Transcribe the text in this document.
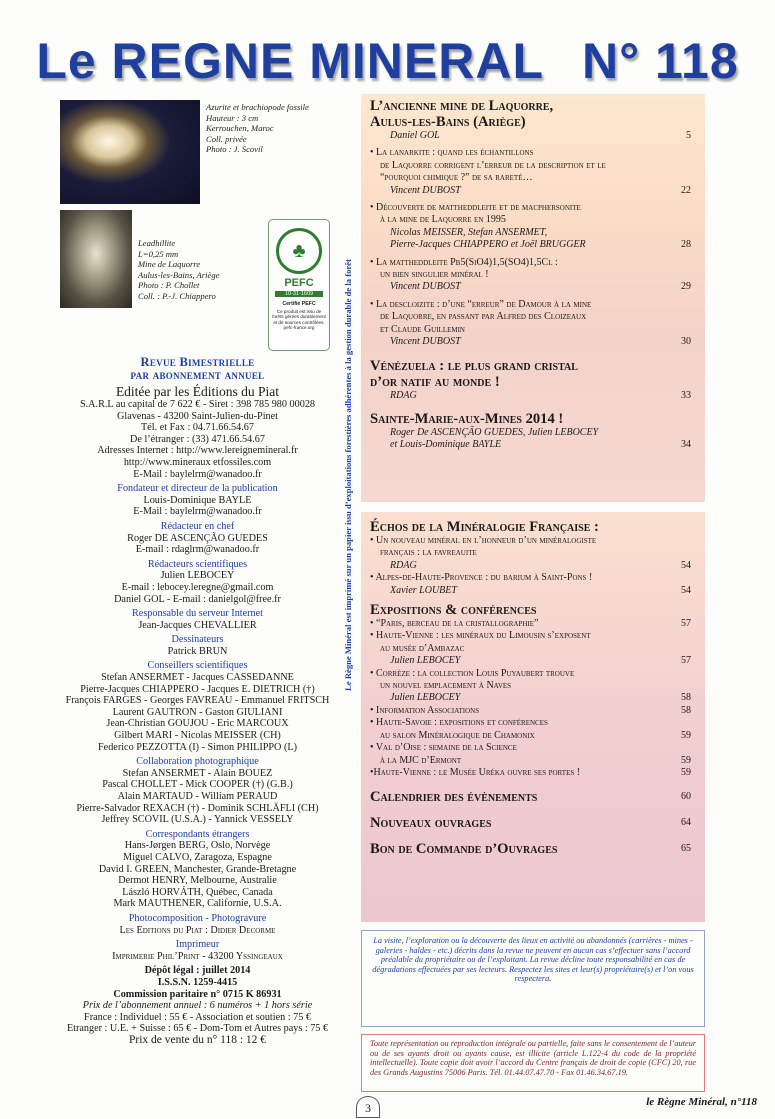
Le REGNE MINERAL N° 118
Azurite et brachiopode fossile
Hauteur : 3 cm
Kerrouchen, Maroc
Coll. privée
Photo : J. Scovil
Leadhillite
L=0,25 mm
Mine de Laquorre
Aulus-les-Bains, Ariège
Photo : P. Chollet
Coll. : P.-J. Chiappero
♣
PEFC
10-31-1609
Certifié PEFC
Ce produit est issu de forêts gérées durablement et de sources contrôlées. pefc-france.org
Revue Bimestrielle
par abonnement annuel
Editée par les Éditions du Piat
S.A.R.L au capital de 7 622 € - Siret : 398 785 980 00028
Glavenas - 43200 Saint-Julien-du-Pinet
Tél. et Fax : 04.71.66.54.67
De l’étranger : (33) 471.66.54.67
Adresses Internet : http://www.lereignemineral.fr
http://www.mineraux etfossiles.com
E-Mail : baylelrm@wanadoo.fr
Fondateur et directeur de la publication
Louis-Dominique BAYLE
E-Mail : baylelrm@wanadoo.fr
Rédacteur en chef
Roger DE ASCENÇÃO GUEDES
E-mail : rdaglrm@wanadoo.fr
Rédacteurs scientifiques
Julien LEBOCEY
E-mail : lebocey.leregne@gmail.com
Daniel GOL - E-mail : danielgol@free.fr
Responsable du serveur Internet
Jean-Jacques CHEVALLIER
Dessinateurs
Patrick BRUN
Conseillers scientifiques
Stefan ANSERMET - Jacques CASSEDANNE
Pierre-Jacques CHIAPPERO - Jacques E. DIETRICH (†)
François FARGES - Georges FAVREAU - Emmanuel FRITSCH
Laurent GAUTRON - Gaston GIULIANI
Jean-Christian GOUJOU - Eric MARCOUX
Gilbert MARI - Nicolas MEISSER (CH)
Federico PEZZOTTA (I) - Simon PHILIPPO (L)
Collaboration photographique
Stefan ANSERMET - Alain BOUEZ
Pascal CHOLLET - Mick COOPER (†) (G.B.)
Alain MARTAUD - William PERAUD
Pierre-Salvador REXACH (†) - Dominik SCHLÄFLI (CH)
Jeffrey SCOVIL (U.S.A.) - Yannick VESSELY
Correspondants étrangers
Hans-Jørgen BERG, Oslo, Norvège
Miguel CALVO, Zaragoza, Espagne
David I. GREEN, Manchester, Grande-Bretagne
Dermot HENRY, Melbourne, Australie
László HORVÁTH, Québec, Canada
Mark MAUTHENER, Californie, U.S.A.
Photocomposition - Photogravure
Les Editions du Piat : Didier Decorme
Imprimeur
Imprimerie Phil’Print - 43200 Yssingeaux
Dépôt légal : juillet 2014
I.S.S.N. 1259-4415
Commission paritaire n° 0715 K 86931
Prix de l’abonnement annuel : 6 numéros + 1 hors série
France : Individuel : 55 € - Association et soutien : 75 €
Etranger : U.E. + Suisse : 65 € - Dom-Tom et Autres pays : 75 €
Prix de vente du n° 118 : 12 €
Le Règne Minéral est imprimé sur un papier issu d’exploitations forestières adhérentes à la gestion durable de la forêt
L’ancienne mine de Laquorre,
Aulus-les-Bains (Ariège)
Daniel GOL	5
• La lanarkite : quand les échantillons
de Laquorre corrigent l’erreur de la description et le
“pourquoi chimique ?” de sa rareté…
Vincent DUBOST	22
• Découverte de mattheddleite et de macphersonite
à la mine de Laquorre en 1995
Nicolas MEISSER, Stefan ANSERMET,
Pierre-Jacques CHIAPPERO et Joël BRUGGER	28
• La mattheddleite Pb5(SiO4)1,5(SO4)1,5Cl :
un bien singulier minéral !
Vincent DUBOST	29
• La descloizite : d’une “erreur” de Damour à la mine
de Laquorre, en passant par Alfred des Cloizeaux
et Claude Guillemin
Vincent DUBOST	30
Vénézuela : le plus grand cristal
d’or natif au monde !
RDAG	33
Sainte-Marie-aux-Mines 2014 !
Roger De ASCENÇÃO GUEDES, Julien LEBOCEY
et Louis-Dominique BAYLE	34
Échos de la Minéralogie Française :
• Un nouveau minéral en l’honneur d’un minéralogiste
français : la favreauite
RDAG	54
• Alpes-de-Haute-Provence : du barium à Saint-Pons !
Xavier LOUBET	54
Expositions & conférences
• “Paris, berceau de la cristallographie”	57
• Haute-Vienne : les minéraux du Limousin s’exposent
au musée d’Ambazac
Julien LEBOCEY	57
• Corrèze : la collection Louis Puyaubert trouve
un nouvel emplacement à Naves
Julien LEBOCEY	58
• Information Associations	58
• Haute-Savoie : expositions et conférences
au salon Minéralogique de Chamonix	59
• Val d’Oise : semaine de la Science
à la MJC d’Ermont	59
•Haute-Vienne : le Musée Uréka ouvre ses portes !	59
Calendrier des évènements	60
Nouveaux ouvrages	64
Bon de Commande d’Ouvrages	65
La visite, l’exploration ou la découverte des lieux en activité ou abandonnés (carrières - mines - galeries - haldes - etc.) décrits dans la revue ne peuvent en aucun cas s’effectuer sans l’accord préalable du propriétaire ou de l’exploitant. La revue décline toute responsabilité en cas de dégradations effectuées par ses lecteurs. Respectez les sites et leur(s) propriétaire(s) et l’on vous respectera.
Toute représentation ou reproduction intégrale ou partielle, faite sans le consentement de l’auteur ou de ses ayants droit ou ayants cause, est illicite (article L.122-4 du code de la propriété intellectuelle). Toute copie doit avoir l’accord du Centre français de droit de copie (CFC) 20, rue des Grands Augustins 75006 Paris. Tél. 01.44.07.47.70 - Fax 01.46.34.67.19.
3	le Règne Minéral, n°118
